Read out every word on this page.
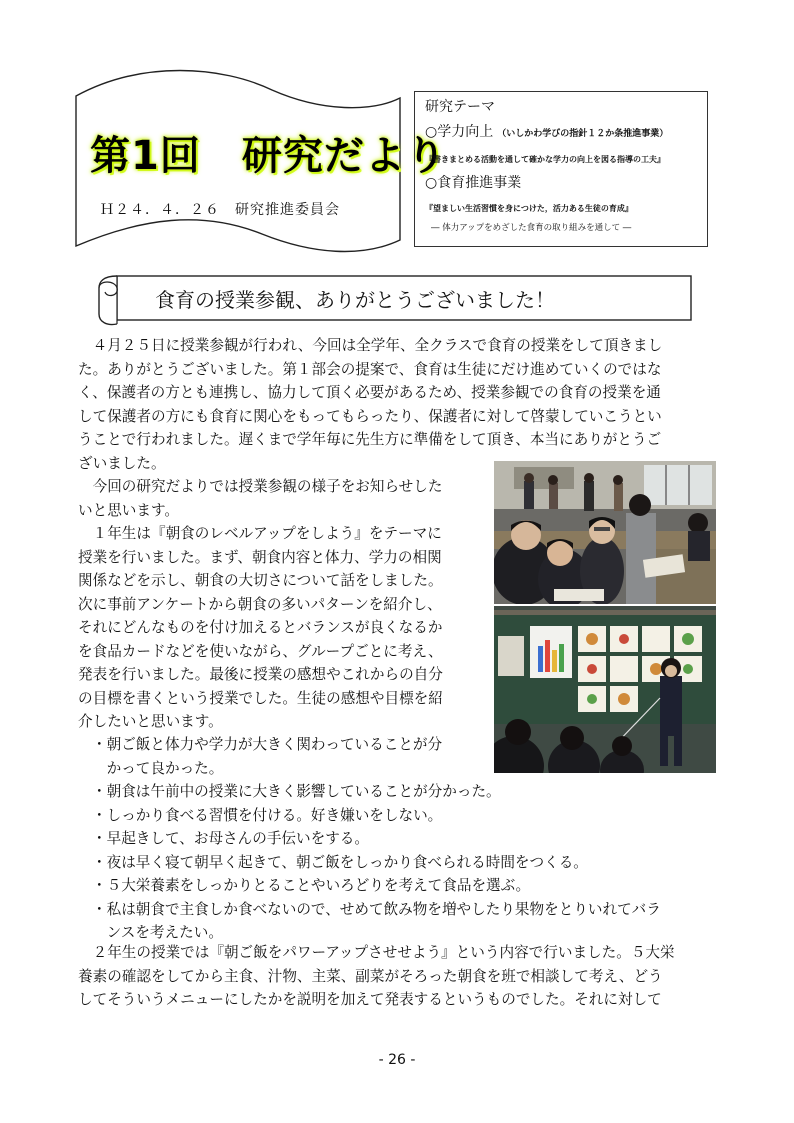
第1回　研究だより
Ｈ２４．４．２６　研究推進委員会
研究テーマ
○学力向上 （いしかわ学びの指針１２か条推進事業）
『書きまとめる活動を通して確かな学力の向上を図る指導の工夫』
○食育推進事業
『望ましい生活習慣を身につけた，活力ある生徒の育成』
― 体力アップをめざした食育の取り組みを通して ―
食育の授業参観、ありがとうございました！
　４月２５日に授業参観が行われ、今回は全学年、全クラスで食育の授業をして頂きまし
た。ありがとうございました。第１部会の提案で、食育は生徒にだけ進めていくのではな
く、保護者の方とも連携し、協力して頂く必要があるため、授業参観での食育の授業を通
して保護者の方にも食育に関心をもってもらったり、保護者に対して啓蒙していこうとい
うことで行われました。遅くまで学年毎に先生方に準備をして頂き、本当にありがとうご
ざいました。
　今回の研究だよりでは授業参観の様子をお知らせした
いと思います。
　１年生は『朝食のレベルアップをしよう』をテーマに
授業を行いました。まず、朝食内容と体力、学力の相関
関係などを示し、朝食の大切さについて話をしました。
次に事前アンケートから朝食の多いパターンを紹介し、
それにどんなものを付け加えるとバランスが良くなるか
を食品カードなどを使いながら、グループごとに考え、
発表を行いました。最後に授業の感想やこれからの自分
の目標を書くという授業でした。生徒の感想や目標を紹
介したいと思います。
・朝ご飯と体力や学力が大きく関わっていることが分
　かって良かった。
・朝食は午前中の授業に大きく影響していることが分かった。
・しっかり食べる習慣を付ける。好き嫌いをしない。
・早起きして、お母さんの手伝いをする。
・夜は早く寝て朝早く起きて、朝ご飯をしっかり食べられる時間をつくる。
・５大栄養素をしっかりとることやいろどりを考えて食品を選ぶ。
・私は朝食で主食しか食べないので、せめて飲み物を増やしたり果物をとりいれてバラ
　ンスを考えたい。
　２年生の授業では『朝ご飯をパワーアップさせせよう』という内容で行いました。５大栄
養素の確認をしてから主食、汁物、主菜、副菜がそろった朝食を班で相談して考え、どう
してそういうメニューにしたかを説明を加えて発表するというものでした。それに対して
- 26 -
